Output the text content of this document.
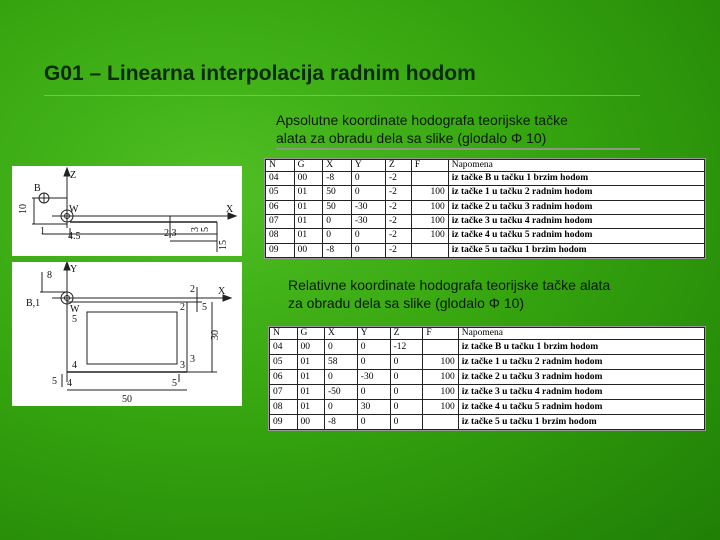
G01 – Linearna interpolacija radnim hodom
Apsolutne koordinate hodografa teorijske tačke
alata za obradu dela sa slike (glodalo Φ 10)
Z
X
B
W
1
10
4.5	2.3
15
5
3
Y
X
B,1
W
8
2
5
30
3
4	5
50
5
5
4	3
2
N	G	X	Y	Z	F	Napomena
04	00	-8	0	-2		iz tačke B u tačku 1 brzim hodom
05	01	50	0	-2	100	iz tačke 1 u tačku 2 radnim hodom
06	01	50	-30	-2	100	iz tačke 2 u tačku 3 radnim hodom
07	01	0	-30	-2	100	iz tačke 3 u tačku 4 radnim hodom
08	01	0	0	-2	100	iz tačke 4 u tačku 5 radnim hodom
09	00	-8	0	-2		iz tačke 5 u tačku 1 brzim hodom
Relativne koordinate hodografa teorijske tačke alata
za obradu dela sa slike (glodalo Φ 10)
N	G	X	Y	Z	F	Napomena
04	00	0	0	-12		iz tačke B u tačku 1 brzim hodom
05	01	58	0	0	100	iz tačke 1 u tačku 2 radnim hodom
06	01	0	-30	0	100	iz tačke 2 u tačku 3 radnim hodom
07	01	-50	0	0	100	iz tačke 3 u tačku 4 radnim hodom
08	01	0	30	0	100	iz tačke 4 u tačku 5 radnim hodom
09	00	-8	0	0		iz tačke 5 u tačku 1 brzim hodom
